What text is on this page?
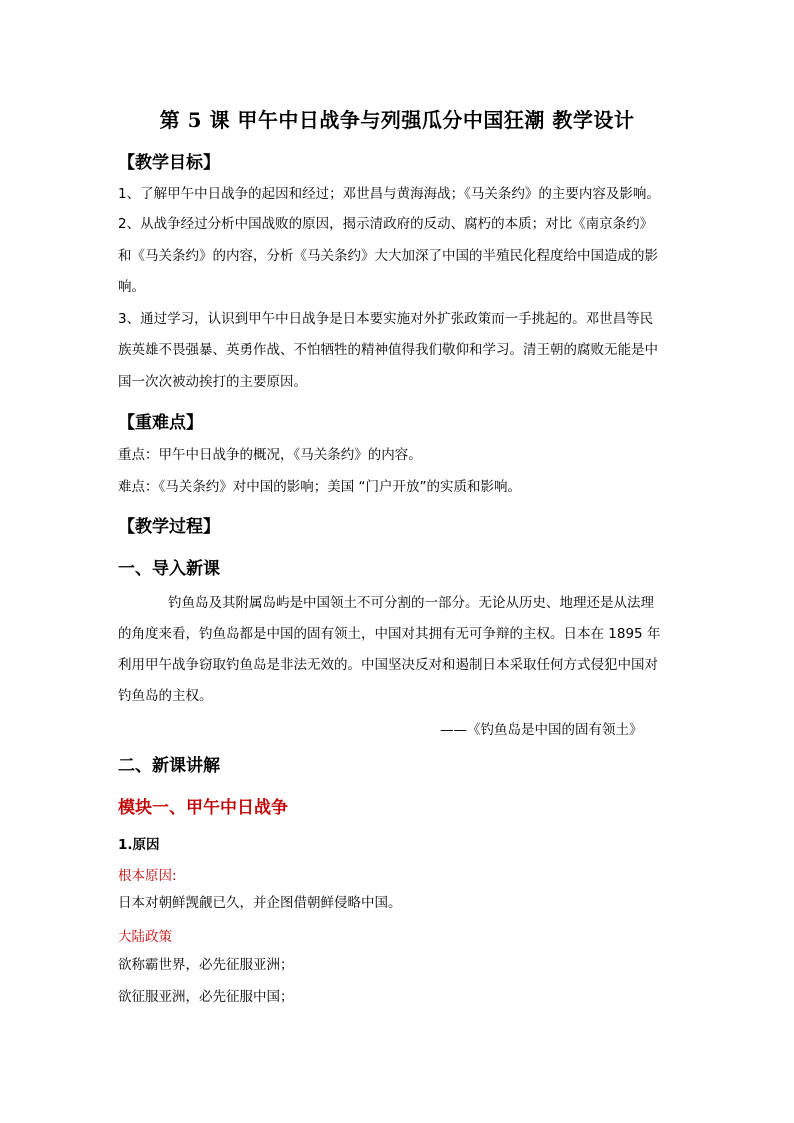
第 5 课 甲午中日战争与列强瓜分中国狂潮 教学设计
【教学目标】
1、了解甲午中日战争的起因和经过；邓世昌与黄海海战；《马关条约》的主要内容及影响。
2、从战争经过分析中国战败的原因，揭示清政府的反动、腐朽的本质；对比《南京条约》
和《马关条约》的内容，分析《马关条约》大大加深了中国的半殖民化程度给中国造成的影
响。
3、通过学习，认识到甲午中日战争是日本要实施对外扩张政策而一手挑起的。邓世昌等民
族英雄不畏强暴、英勇作战、不怕牺牲的精神值得我们敬仰和学习。清王朝的腐败无能是中
国一次次被动挨打的主要原因。
【重难点】
重点：甲午中日战争的概况，《马关条约》的内容。
难点：《马关条约》对中国的影响；美国 “门户开放”的实质和影响。
【教学过程】
一、导入新课
钓鱼岛及其附属岛屿是中国领土不可分割的一部分。无论从历史、地理还是从法理
的角度来看，钓鱼岛都是中国的固有领土，中国对其拥有无可争辩的主权。日本在 1895 年
利用甲午战争窃取钓鱼岛是非法无效的。中国坚决反对和遏制日本采取任何方式侵犯中国对
钓鱼岛的主权。
——《钓鱼岛是中国的固有领土》
二、新课讲解
模块一、甲午中日战争
1.原因
根本原因:
日本对朝鲜觊觎已久，并企图借朝鲜侵略中国。
大陆政策
欲称霸世界，必先征服亚洲；
欲征服亚洲，必先征服中国；
